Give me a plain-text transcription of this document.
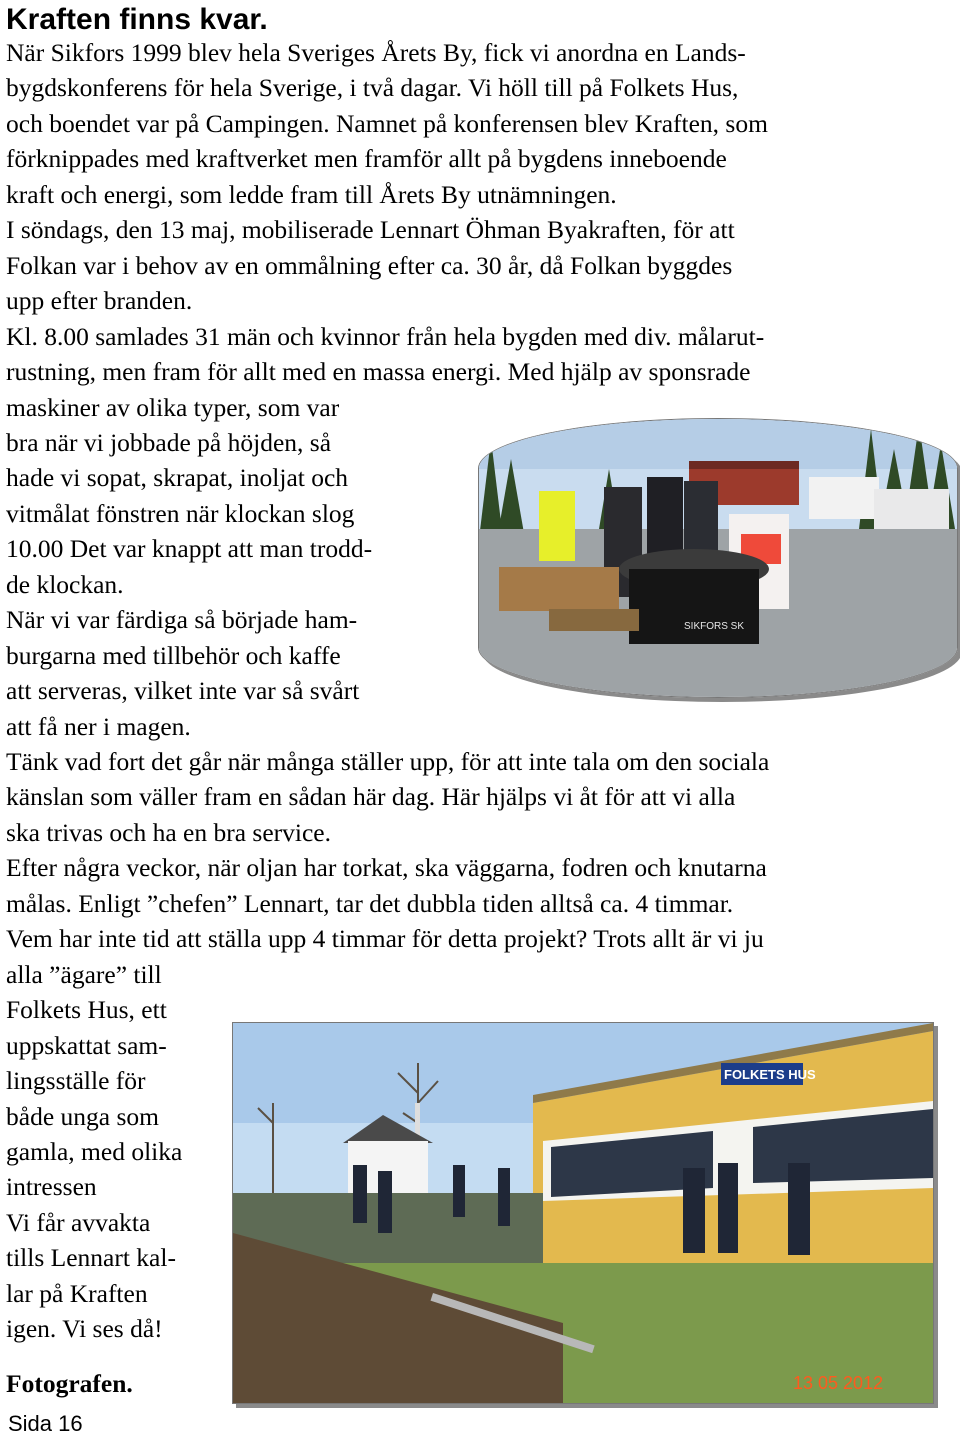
Kraften finns kvar.
När Sikfors 1999 blev hela Sveriges Årets By, fick vi anordna en Lands-
bygdskonferens för hela Sverige, i två dagar. Vi höll till på Folkets Hus,
och boendet var på Campingen. Namnet på konferensen blev Kraften, som
förknippades med kraftverket men framför allt på bygdens inneboende
kraft och energi, som ledde fram till Årets By utnämningen.
I söndags, den 13 maj, mobiliserade Lennart Öhman Byakraften, för att
Folkan var i behov av en ommålning efter ca. 30 år, då Folkan byggdes
upp efter branden.
Kl. 8.00 samlades 31 män och kvinnor från hela bygden med div. målarut-
rustning, men fram för allt med en massa energi. Med hjälp av sponsrade
maskiner av olika typer, som var
bra när vi jobbade på höjden, så
hade vi sopat, skrapat, inoljat och
vitmålat fönstren när klockan slog
10.00 Det var knappt att man trodd-
de klockan.
När vi var färdiga så började ham-
burgarna med tillbehör och kaffe
att serveras, vilket inte var så svårt
att få ner i magen.
Tänk vad fort det går när många ställer upp, för att inte tala om den sociala
känslan som väller fram en sådan här dag. Här hjälps vi åt för att vi alla
ska trivas och ha en bra service.
Efter några veckor, när oljan har torkat, ska väggarna, fodren och knutarna
målas. Enligt ”chefen” Lennart, tar det dubbla tiden alltså ca. 4 timmar.
Vem har inte tid att ställa upp 4 timmar för detta projekt? Trots allt är vi ju
alla ”ägare” till
Folkets Hus, ett
uppskattat sam-
lingsställe för
både unga som
gamla, med olika
intressen
Vi får avvakta
tills Lennart kal-
lar på Kraften
igen. Vi ses då!
Fotografen.
Sida 16
SIKFORS SK
FOLKETS HUS
13 05 2012
